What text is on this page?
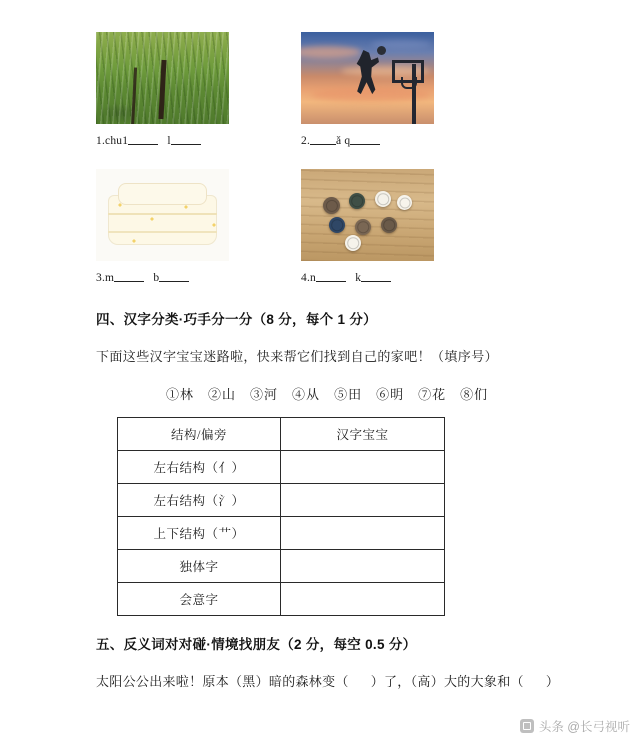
1.chu1	l	2. ǎ q
3.m	b	4.n	k
四、汉字分类·巧手分一分（8 分，每个 1 分）
下面这些汉字宝宝迷路啦，快来帮它们找到自己的家吧！（填序号）
①林 ②山 ③河 ④从 ⑤田 ⑥明 ⑦花 ⑧们
结构/偏旁	汉字宝宝
左右结构（亻）	
左右结构（氵）	
上下结构（艹）	
独体字	
会意字	
五、反义词对对碰·情境找朋友（2 分，每空 0.5 分）
太阳公公出来啦！原本（黑）暗的森林变（ ）了，（高）大的大象和（ ）
头条 @长弓视听
